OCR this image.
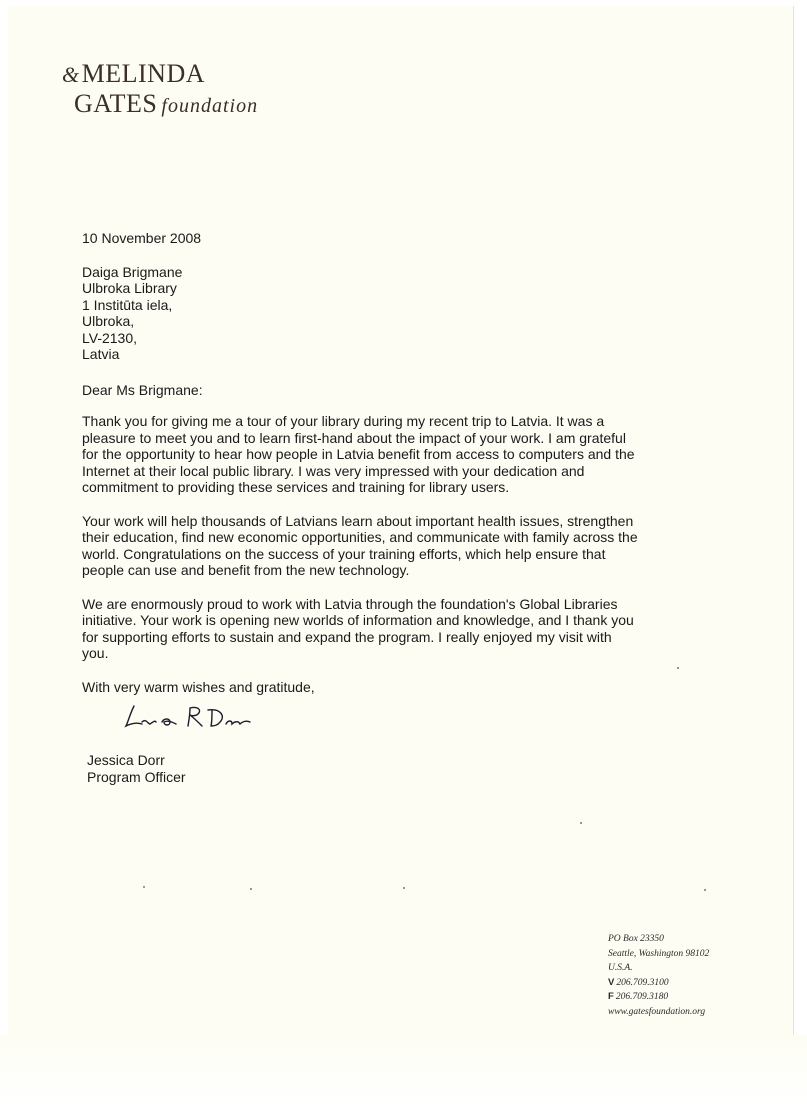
&MELINDA
GATES foundation
10 November 2008
Daiga Brigmane
Ulbroka Library
1 Institūta iela,
Ulbroka,
LV-2130,
Latvia
Dear Ms Brigmane:

Thank you for giving me a tour of your library during my recent trip to Latvia. It was a pleasure to meet you and to learn first-hand about the impact of your work. I am grateful for the opportunity to hear how people in Latvia benefit from access to computers and the Internet at their local public library. I was very impressed with your dedication and commitment to providing these services and training for library users.

Your work will help thousands of Latvians learn about important health issues, strengthen their education, find new economic opportunities, and communicate with family across the world. Congratulations on the success of your training efforts, which help ensure that people can use and benefit from the new technology.

We are enormously proud to work with Latvia through the foundation's Global Libraries initiative. Your work is opening new worlds of information and knowledge, and I thank you for supporting efforts to sustain and expand the program. I really enjoyed my visit with you.

With very warm wishes and gratitude,
Jessica Dorr
Program Officer
PO Box 23350
Seattle, Washington 98102
U.S.A.
V 206.709.3100
F 206.709.3180
www.gatesfoundation.org
